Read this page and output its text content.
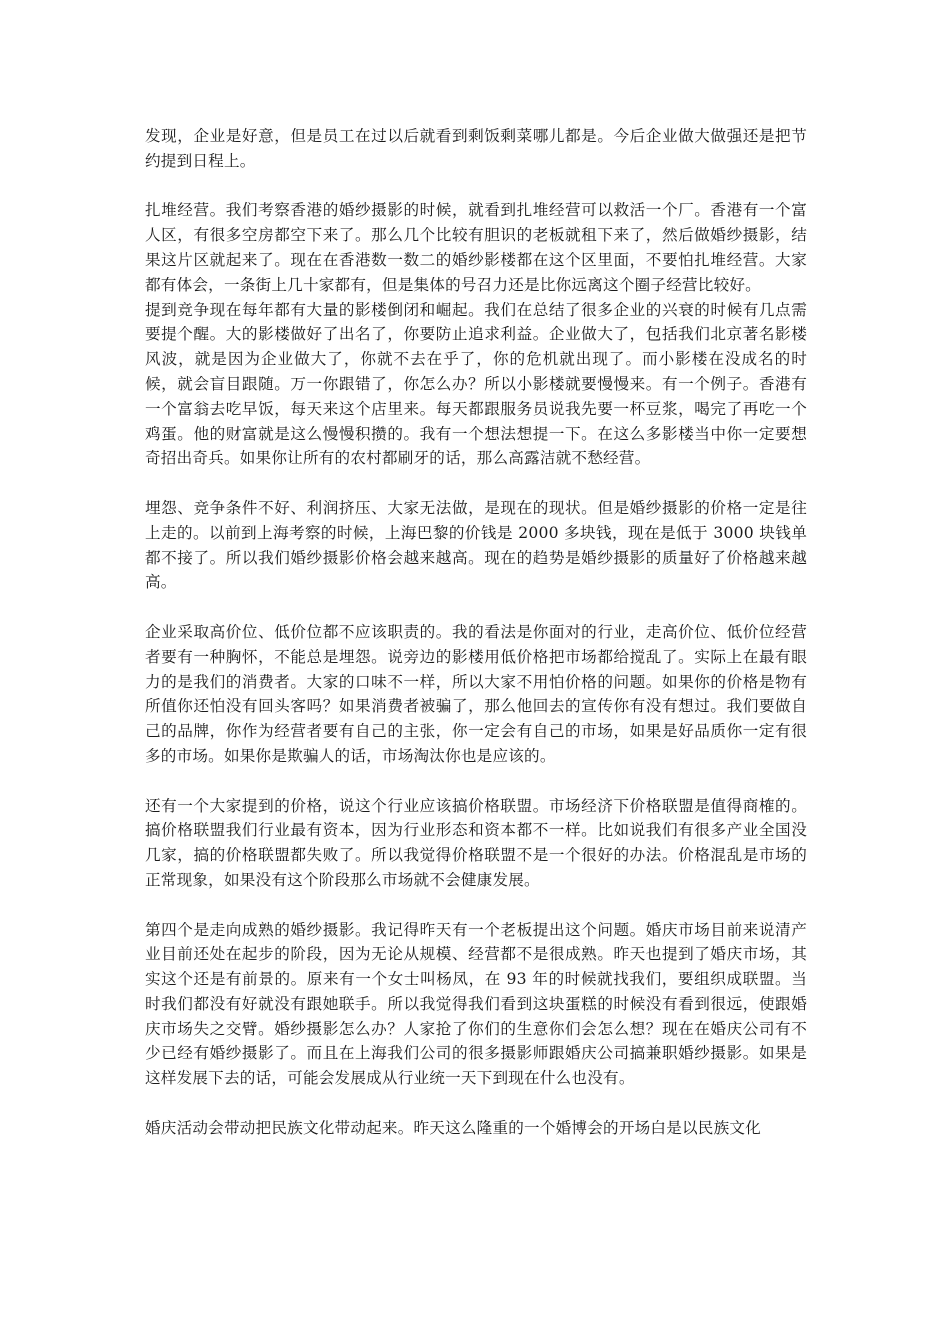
发现，企业是好意，但是员工在过以后就看到剩饭剩菜哪儿都是。今后企业做大做强还是把节约提到日程上。

扎堆经营。我们考察香港的婚纱摄影的时候，就看到扎堆经营可以救活一个厂。香港有一个富人区，有很多空房都空下来了。那么几个比较有胆识的老板就租下来了，然后做婚纱摄影，结果这片区就起来了。现在在香港数一数二的婚纱影楼都在这个区里面，不要怕扎堆经营。大家都有体会，一条街上几十家都有，但是集体的号召力还是比你远离这个圈子经营比较好。

提到竞争现在每年都有大量的影楼倒闭和崛起。我们在总结了很多企业的兴衰的时候有几点需要提个醒。大的影楼做好了出名了，你要防止追求利益。企业做大了，包括我们北京著名影楼风波，就是因为企业做大了，你就不去在乎了，你的危机就出现了。而小影楼在没成名的时候，就会盲目跟随。万一你跟错了，你怎么办？所以小影楼就要慢慢来。有一个例子。香港有一个富翁去吃早饭，每天来这个店里来。每天都跟服务员说我先要一杯豆浆，喝完了再吃一个鸡蛋。他的财富就是这么慢慢积攒的。我有一个想法想提一下。在这么多影楼当中你一定要想奇招出奇兵。如果你让所有的农村都刷牙的话，那么高露洁就不愁经营。

埋怨、竞争条件不好、利润挤压、大家无法做，是现在的现状。但是婚纱摄影的价格一定是往上走的。以前到上海考察的时候，上海巴黎的价钱是 2000 多块钱，现在是低于 3000 块钱单都不接了。所以我们婚纱摄影价格会越来越高。现在的趋势是婚纱摄影的质量好了价格越来越高。

企业采取高价位、低价位都不应该职责的。我的看法是你面对的行业，走高价位、低价位经营者要有一种胸怀，不能总是埋怨。说旁边的影楼用低价格把市场都给搅乱了。实际上在最有眼力的是我们的消费者。大家的口味不一样，所以大家不用怕价格的问题。如果你的价格是物有所值你还怕没有回头客吗？如果消费者被骗了，那么他回去的宣传你有没有想过。我们要做自己的品牌，你作为经营者要有自己的主张，你一定会有自己的市场，如果是好品质你一定有很多的市场。如果你是欺骗人的话，市场淘汰你也是应该的。

还有一个大家提到的价格，说这个行业应该搞价格联盟。市场经济下价格联盟是值得商榷的。搞价格联盟我们行业最有资本，因为行业形态和资本都不一样。比如说我们有很多产业全国没几家，搞的价格联盟都失败了。所以我觉得价格联盟不是一个很好的办法。价格混乱是市场的正常现象，如果没有这个阶段那么市场就不会健康发展。

第四个是走向成熟的婚纱摄影。我记得昨天有一个老板提出这个问题。婚庆市场目前来说清产业目前还处在起步的阶段，因为无论从规模、经营都不是很成熟。昨天也提到了婚庆市场，其实这个还是有前景的。原来有一个女士叫杨凤，在 93 年的时候就找我们，要组织成联盟。当时我们都没有好就没有跟她联手。所以我觉得我们看到这块蛋糕的时候没有看到很远，使跟婚庆市场失之交臂。婚纱摄影怎么办？人家抢了你们的生意你们会怎么想？现在在婚庆公司有不少已经有婚纱摄影了。而且在上海我们公司的很多摄影师跟婚庆公司搞兼职婚纱摄影。如果是这样发展下去的话，可能会发展成从行业统一天下到现在什么也没有。

婚庆活动会带动把民族文化带动起来。昨天这么隆重的一个婚博会的开场白是以民族文化
